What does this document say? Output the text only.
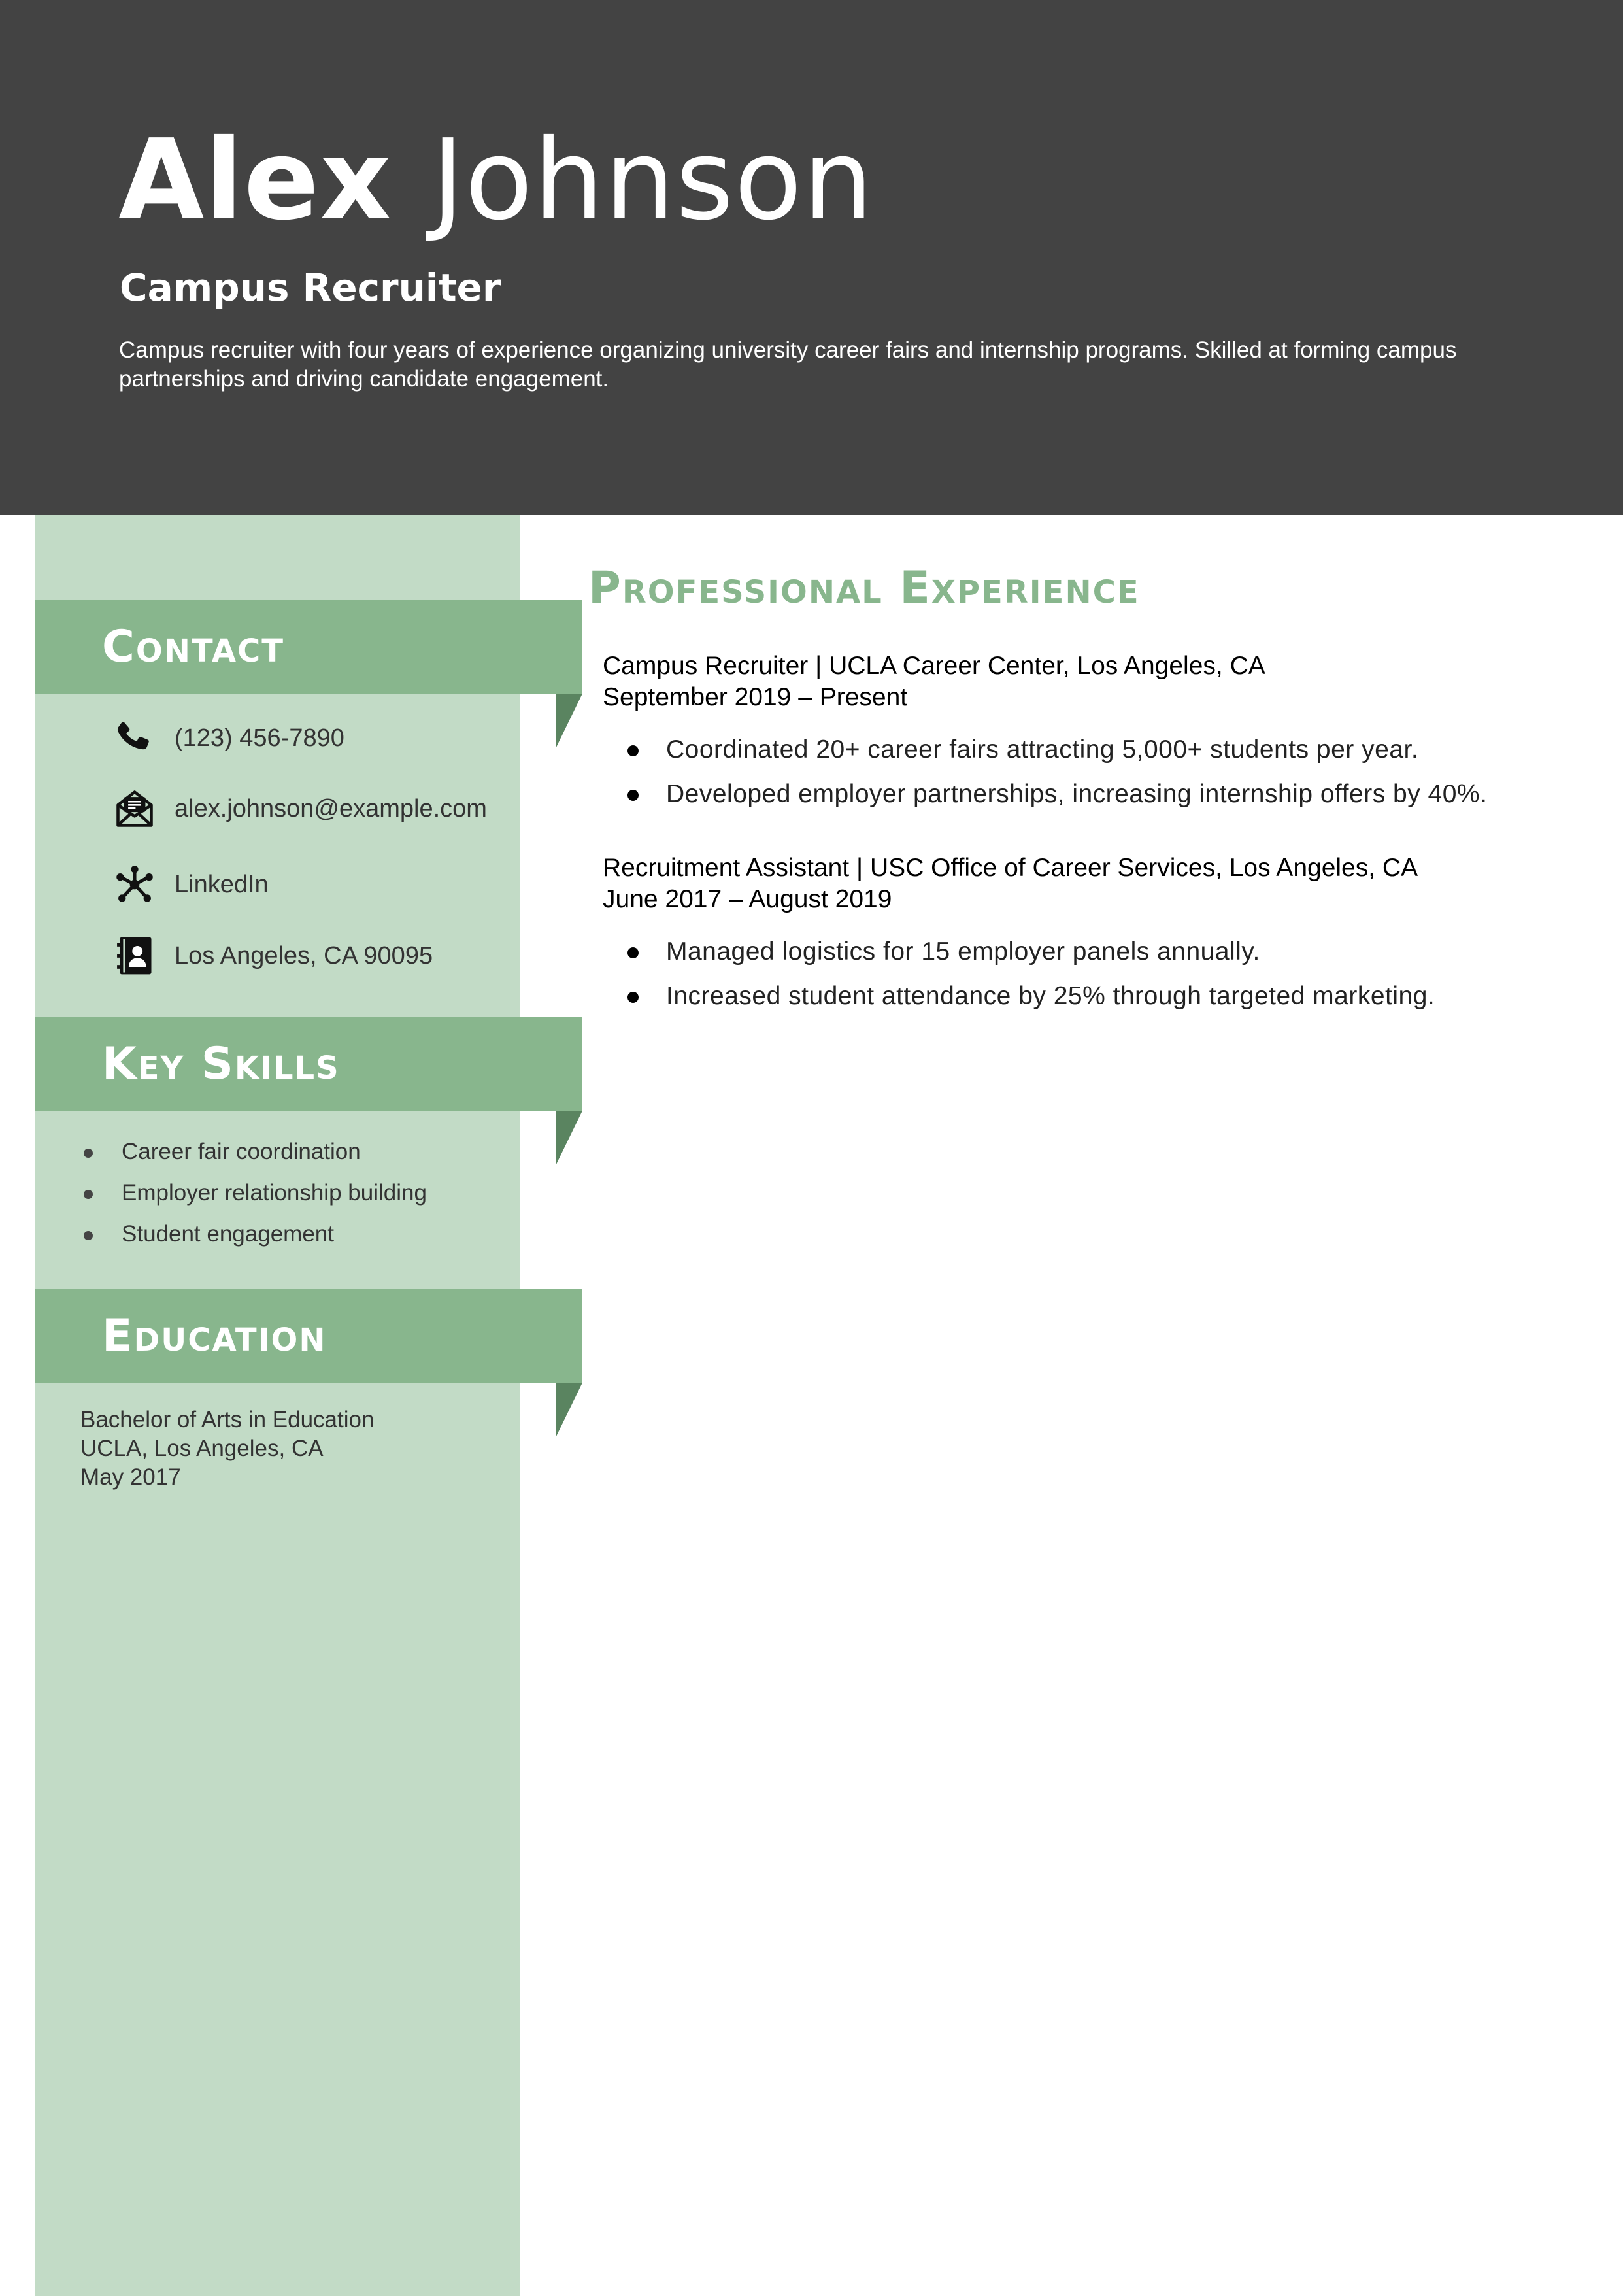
Alex Johnson
Campus Recruiter
Campus recruiter with four years of experience organizing university career fairs and internship programs. Skilled at forming campus partnerships and driving candidate engagement.
Contact
(123) 456-7890
alex.johnson@example.com
LinkedIn
Los Angeles, CA 90095
Key Skills
Education
Career fair coordination
Employer relationship building
Student engagement
Bachelor of Arts in Education
UCLA, Los Angeles, CA
May 2017
Professional Experience
Campus Recruiter | UCLA Career Center, Los Angeles, CA
September 2019 – Present
Coordinated 20+ career fairs attracting 5,000+ students per year.
Developed employer partnerships, increasing internship offers by 40%.
Recruitment Assistant | USC Office of Career Services, Los Angeles, CA
June 2017 – August 2019
Managed logistics for 15 employer panels annually.
Increased student attendance by 25% through targeted marketing.
